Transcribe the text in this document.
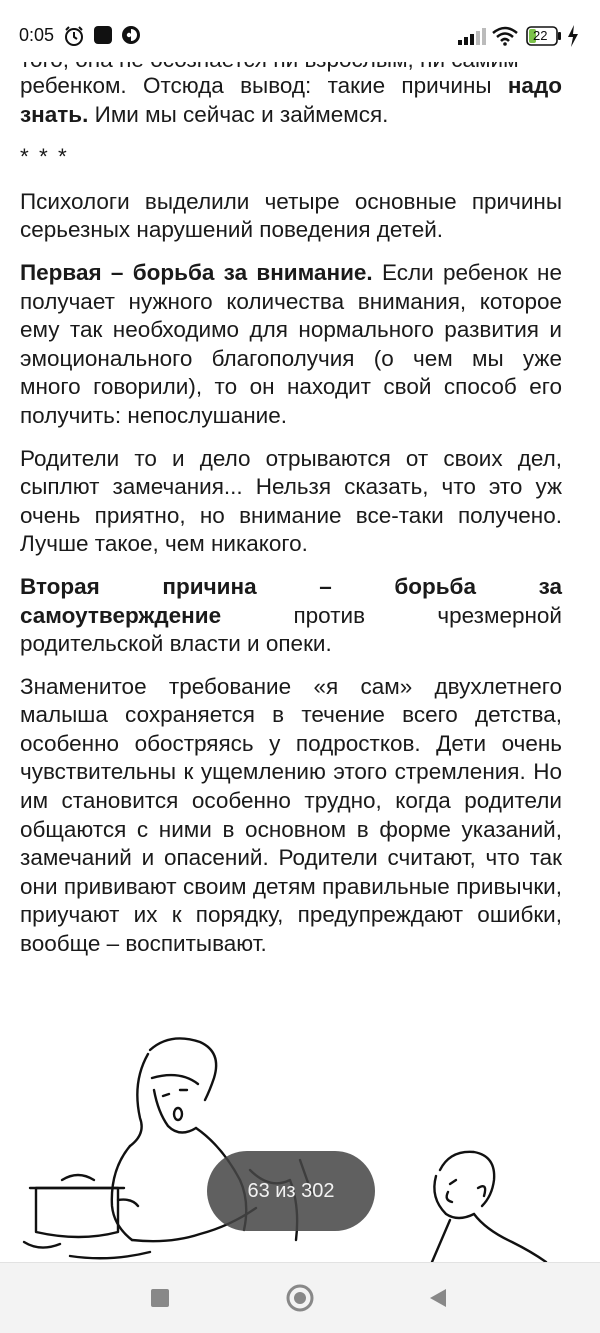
0:05	22

ребенком. Отсюда вывод: такие причины надо
знать. Ими мы сейчас и займемся.

* * *

Психологи выделили четыре основные причины серьезных нарушений поведения детей.

Первая – борьба за внимание. Если ребенок не получает нужного количества внимания, которое ему так необходимо для нормального развития и эмоционального благополучия (о чем мы уже много говорили), то он находит свой способ его получить: непослушание.

Родители то и дело отрываются от своих дел, сыплют замечания... Нельзя сказать, что это уж очень приятно, но внимание все-таки получено. Лучше такое, чем никакого.

Вторая причина – борьба за
самоутверждение	против чрезмерной
родительской власти и опеки.

Знаменитое требование «я сам» двухлетнего малыша сохраняется в течение всего детства, особенно обостряясь у подростков. Дети очень чувствительны к ущемлению этого стремления. Но им становится особенно трудно, когда родители общаются с ними в основном в форме указаний, замечаний и опасений. Родители считают, что так они прививают своим детям правильные привычки, приучают их к порядку, предупреждают ошибки, вообще – воспитывают.

63 из 302
